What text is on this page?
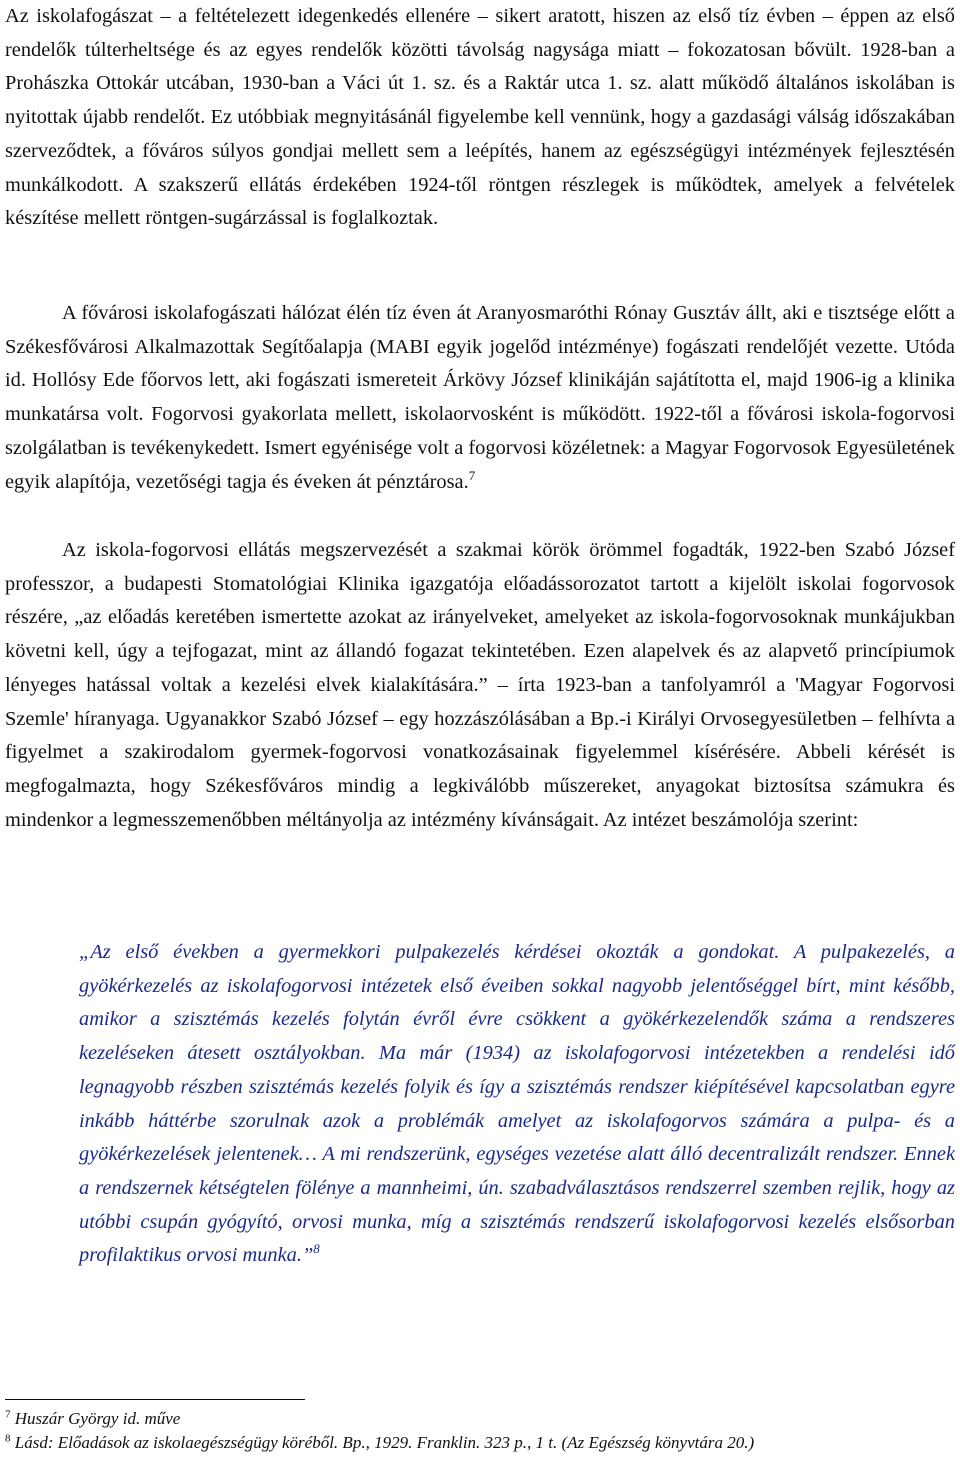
Az iskolafogászat – a feltételezett idegenkedés ellenére – sikert aratott, hiszen az első tíz évben – éppen az első rendelők túlterheltsége és az egyes rendelők közötti távolság nagysága miatt – fokozatosan bővült. 1928-ban a Prohászka Ottokár utcában, 1930-ban a Váci út 1. sz. és a Raktár utca 1. sz. alatt működő általános iskolában is nyitottak újabb rendelőt. Ez utóbbiak megnyitásánál figyelembe kell vennünk, hogy a gazdasági válság időszakában szerveződtek, a főváros súlyos gondjai mellett sem a leépítés, hanem az egészségügyi intézmények fejlesztésén munkálkodott. A szakszerű ellátás érdekében 1924-től röntgen részlegek is működtek, amelyek a felvételek készítése mellett röntgen-sugárzással is foglalkoztak.

A fővárosi iskolafogászati hálózat élén tíz éven át Aranyosmaróthi Rónay Gusztáv állt, aki e tisztsége előtt a Székesfővárosi Alkalmazottak Segítőalapja (MABI egyik jogelőd intézménye) fogászati rendelőjét vezette. Utóda id. Hollósy Ede főorvos lett, aki fogászati ismereteit Árkövy József klinikáján sajátította el, majd 1906-ig a klinika munkatársa volt. Fogorvosi gyakorlata mellett, iskolaorvosként is működött. 1922-től a fővárosi iskola-fogorvosi szolgálatban is tevékenykedett. Ismert egyénisége volt a fogorvosi közéletnek: a Magyar Fogorvosok Egyesületének egyik alapítója, vezetőségi tagja és éveken át pénztárosa.$^7$

Az iskola-fogorvosi ellátás megszervezését a szakmai körök örömmel fogadták, 1922-ben Szabó József professzor, a budapesti Stomatológiai Klinika igazgatója előadássorozatot tartott a kijelölt iskolai fogorvosok részére, „az előadás keretében ismertette azokat az irányelveket, amelyeket az iskola-fogorvosoknak munkájukban követni kell, úgy a tejfogazat, mint az állandó fogazat tekintetében. Ezen alapelvek és az alapvető princípiumok lényeges hatással voltak a kezelési elvek kialakítására.” – írta 1923-ban a tanfolyamról a 'Magyar Fogorvosi Szemle' híranyaga. Ugyanakkor Szabó József – egy hozzászólásában a Bp.-i Királyi Orvosegyesületben – felhívta a figyelmet a szakirodalom gyermek-fogorvosi vonatkozásainak figyelemmel kísérésére. Abbeli kérését is megfogalmazta, hogy Székesfőváros mindig a legkiválóbb műszereket, anyagokat biztosítsa számukra és mindenkor a legmesszemenőbben méltányolja az intézmény kívánságait. Az intézet beszámolója szerint:

„Az első években a gyermekkori pulpakezelés kérdései okozták a gondokat. A pulpakezelés, a gyökérkezelés az iskolafogorvosi intézetek első éveiben sokkal nagyobb jelentőséggel bírt, mint később, amikor a szisztémás kezelés folytán évről évre csökkent a gyökérkezelendők száma a rendszeres kezeléseken átesett osztályokban. Ma már (1934) az iskolafogorvosi intézetekben a rendelési idő legnagyobb részben szisztémás kezelés folyik és így a szisztémás rendszer kiépítésével kapcsolatban egyre inkább háttérbe szorulnak azok a problémák amelyet az iskolafogorvos számára a pulpa- és a gyökérkezelések jelentenek… A mi rendszerünk, egységes vezetése alatt álló decentralizált rendszer. Ennek a rendszernek kétségtelen fölénye a mannheimi, ún. szabadválasztásos rendszerrel szemben rejlik, hogy az utóbbi csupán gyógyító, orvosi munka, míg a szisztémás rendszerű iskolafogorvosi kezelés elsősorban profilaktikus orvosi munka.”$^8$

$^7$ Huszár György id. műve

$^8$ Lásd: Előadások az iskolaegészségügy köréből. Bp., 1929. Franklin. 323 p., 1 t. (Az Egészség könyvtára 20.)
